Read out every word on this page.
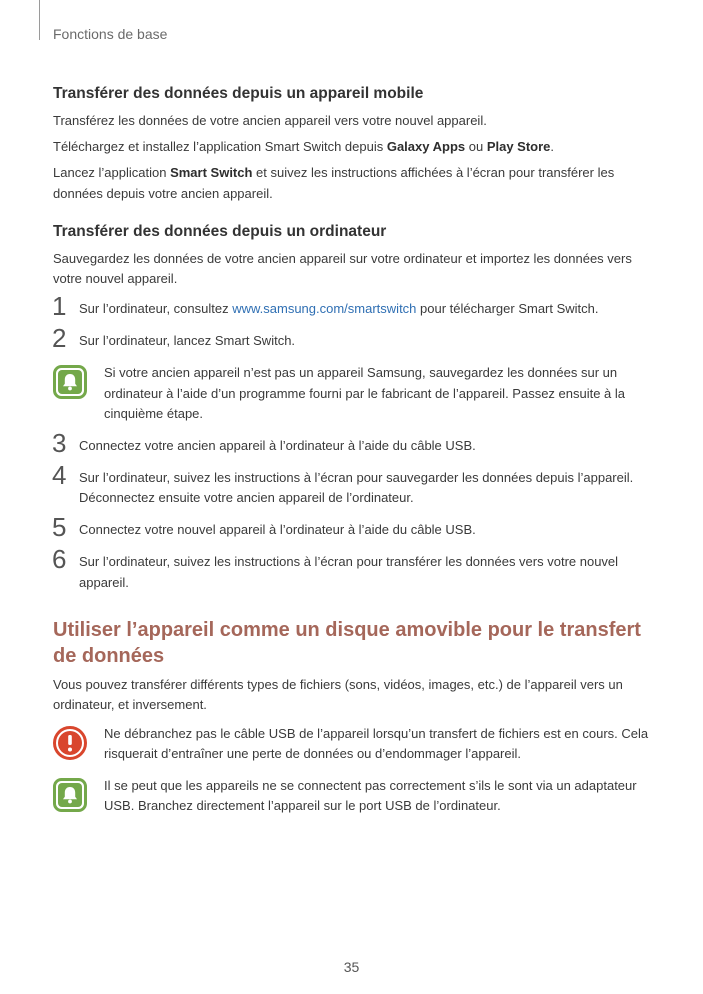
Fonctions de base
Transférer des données depuis un appareil mobile

Transférez les données de votre ancien appareil vers votre nouvel appareil.

Téléchargez et installez l’application Smart Switch depuis Galaxy Apps ou Play Store.

Lancez l’application Smart Switch et suivez les instructions affichées à l’écran pour transférer les données depuis votre ancien appareil.

Transférer des données depuis un ordinateur

Sauvegardez les données de votre ancien appareil sur votre ordinateur et importez les données vers votre nouvel appareil.

1 Sur l’ordinateur, consultez www.samsung.com/smartswitch pour télécharger Smart Switch.

2 Sur l’ordinateur, lancez Smart Switch.

Si votre ancien appareil n’est pas un appareil Samsung, sauvegardez les données sur un ordinateur à l’aide d’un programme fourni par le fabricant de l’appareil. Passez ensuite à la cinquième étape.

3 Connectez votre ancien appareil à l’ordinateur à l’aide du câble USB.

4 Sur l’ordinateur, suivez les instructions à l’écran pour sauvegarder les données depuis l’appareil. Déconnectez ensuite votre ancien appareil de l’ordinateur.

5 Connectez votre nouvel appareil à l’ordinateur à l’aide du câble USB.

6 Sur l’ordinateur, suivez les instructions à l’écran pour transférer les données vers votre nouvel appareil.

Utiliser l’appareil comme un disque amovible pour le transfert de données

Vous pouvez transférer différents types de fichiers (sons, vidéos, images, etc.) de l’appareil vers un ordinateur, et inversement.

Ne débranchez pas le câble USB de l’appareil lorsqu’un transfert de fichiers est en cours. Cela risquerait d’entraîner une perte de données ou d’endommager l’appareil.

Il se peut que les appareils ne se connectent pas correctement s’ils le sont via un adaptateur USB. Branchez directement l’appareil sur le port USB de l’ordinateur.

35
